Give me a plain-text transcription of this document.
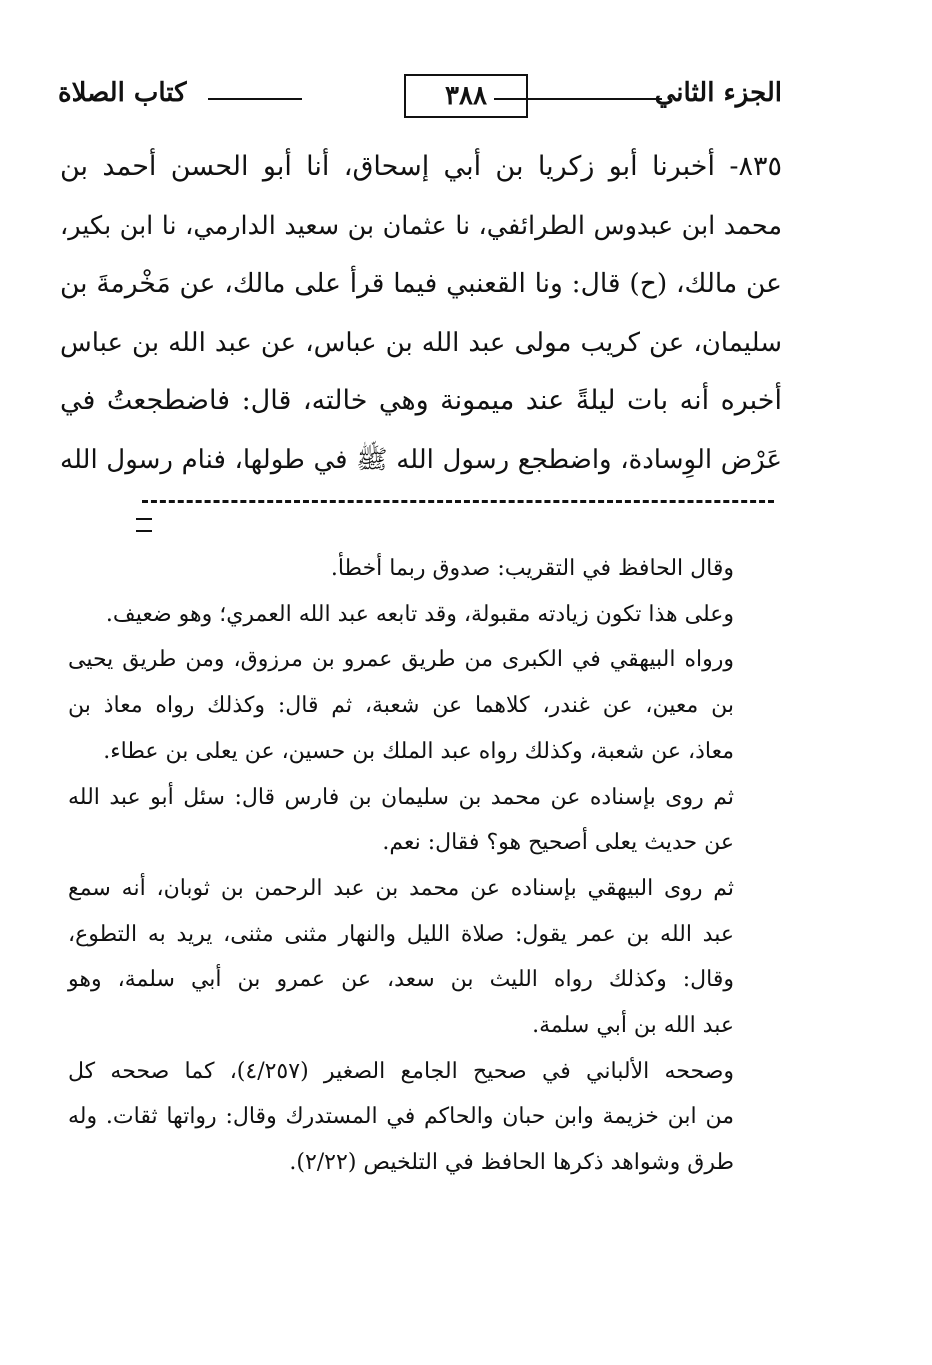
الجزء الثاني
٣٨٨
كتاب الصلاة

٨٣٥- أخبرنا أبو زكريا بن أبي إسحاق، أنا أبو الحسن أحمد بن

محمد ابن عبدوس الطرائفي، نا عثمان بن سعيد الدارمي، نا ابن بكير،

عن مالك، (ح) قال: ونا القعنبي فيما قرأ على مالك، عن مَخْرمةَ بن

سليمان، عن كريب مولى عبد الله بن عباس، عن عبد الله بن عباس

أخبره أنه بات ليلةً عند ميمونة وهي خالته، قال: فاضطجعتُ في

عَرْض الوِسادة، واضطجع رسول الله ﷺ في طولها، فنام رسول الله

وقال الحافظ في التقريب: صدوق ربما أخطأ.
وعلى هذا تكون زيادته مقبولة، وقد تابعه عبد الله العمري؛ وهو ضعيف.
ورواه البيهقي في الكبرى من طريق عمرو بن مرزوق، ومن طريق يحيى
بن معين، عن غندر، كلاهما عن شعبة، ثم قال: وكذلك رواه معاذ بن
معاذ، عن شعبة، وكذلك رواه عبد الملك بن حسين، عن يعلى بن عطاء.
ثم روى بإسناده عن محمد بن سليمان بن فارس قال: سئل أبو عبد الله
عن حديث يعلى أصحيح هو؟ فقال: نعم.
ثم روى البيهقي بإسناده عن محمد بن عبد الرحمن بن ثوبان، أنه سمع
عبد الله بن عمر يقول: صلاة الليل والنهار مثنى مثنى، يريد به التطوع،
وقال: وكذلك رواه الليث بن سعد، عن عمرو بن أبي سلمة، وهو
عبد الله بن أبي سلمة.
وصححه الألباني في صحيح الجامع الصغير (٤/٢٥٧)، كما صححه كل
من ابن خزيمة وابن حبان والحاكم في المستدرك وقال: رواتها ثقات. وله
طرق وشواهد ذكرها الحافظ في التلخيص (٢/٢٢).
